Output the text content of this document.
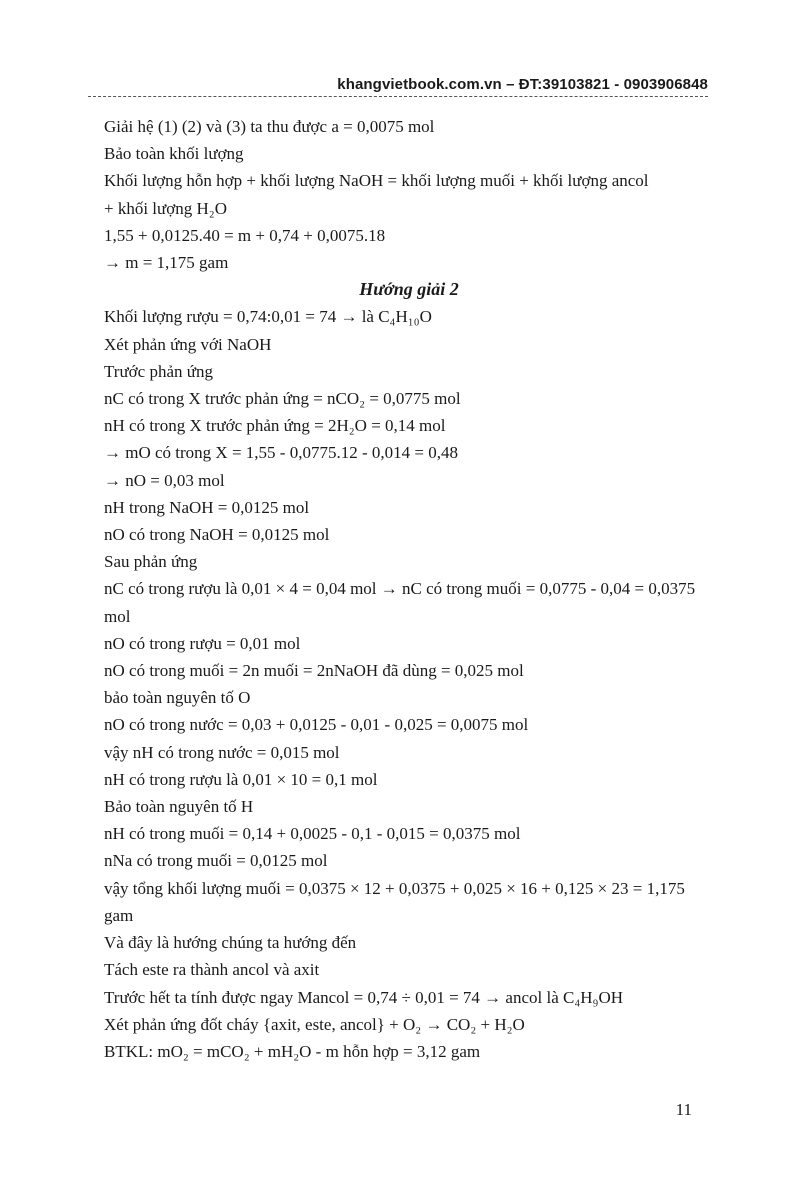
khangvietbook.com.vn – ĐT:39103821 - 0903906848
Giải hệ (1) (2) và (3) ta thu được a = 0,0075 mol
Bảo toàn khối lượng
Khối lượng hỗn hợp + khối lượng NaOH = khối lượng muối + khối lượng ancol
+ khối lượng H₂O
1,55 + 0,0125.40 = m + 0,74 + 0,0075.18
→ m = 1,175 gam
Hướng giải 2
Khối lượng rượu = 0,74:0,01 = 74 → là C₄H₁₀O
Xét phản ứng với NaOH
Trước phản ứng
nC có trong X trước phản ứng = nCO₂ = 0,0775 mol
nH có trong X trước phản ứng = 2H₂O = 0,14 mol
→ mO có trong X = 1,55 - 0,0775.12 - 0,014 = 0,48
→ nO = 0,03 mol
nH trong NaOH = 0,0125 mol
nO có trong NaOH = 0,0125 mol
Sau phản ứng
nC có trong rượu là 0,01 × 4 = 0,04 mol → nC có trong muối = 0,0775 - 0,04 = 0,0375 mol
nO có trong rượu = 0,01 mol
nO có trong muối = 2n muối = 2nNaOH đã dùng = 0,025 mol
bảo toàn nguyên tố O
nO có trong nước = 0,03 + 0,0125 - 0,01 - 0,025 = 0,0075 mol
vậy nH có trong nước = 0,015 mol
nH có trong rượu là 0,01 × 10 = 0,1 mol
Bảo toàn nguyên tố H
nH có trong muối = 0,14 + 0,0025 - 0,1 - 0,015 = 0,0375 mol
nNa có trong muối = 0,0125 mol
vậy tổng khối lượng muối = 0,0375 × 12 + 0,0375 + 0,025 × 16 + 0,125 × 23 = 1,175 gam
Và đây là hướng chúng ta hướng đến
Tách este ra thành ancol và axit
Trước hết ta tính được ngay Mancol = 0,74 ÷ 0,01 = 74 → ancol là C₄H₉OH
Xét phản ứng đốt cháy {axit, este, ancol} + O₂ → CO₂ + H₂O
BTKL: mO₂ = mCO₂ + mH₂O - m hỗn hợp = 3,12 gam
11
